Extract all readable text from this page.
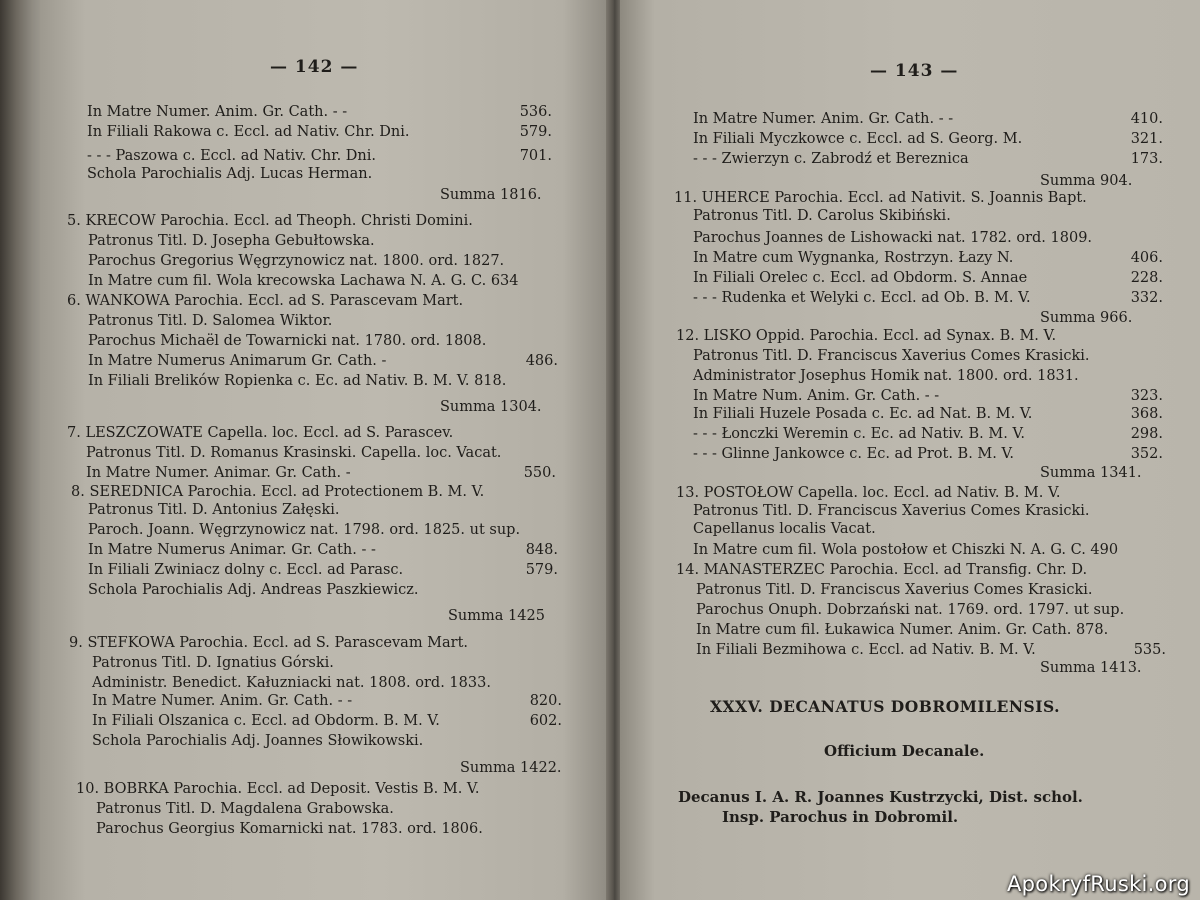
— 142 —
In Matre Numer. Anim. Gr. Cath. - -	536.
In Filiali Rakowa c. Eccl. ad Nativ. Chr. Dni.	579.
- - - Paszowa c. Eccl. ad Nativ. Chr. Dni.	701.
Schola Parochialis Adj. Lucas Herman.
Summa 1816.
5. KRECOW Parochia. Eccl. ad Theoph. Christi Domini.
Patronus Titl. D. Josepha Gebułtowska.
Parochus Gregorius Węgrzynowicz nat. 1800. ord. 1827.
In Matre cum fil. Wola krecowska Lachawa N. A. G. C. 634
6. WANKOWA Parochia. Eccl. ad S. Parascevam Mart.
Patronus Titl. D. Salomea Wiktor.
Parochus Michaël de Towarnicki nat. 1780. ord. 1808.
In Matre Numerus Animarum Gr. Cath. -	486.
In Filiali Brelików Ropienka c. Ec. ad Nativ. B. M. V. 818.
Summa 1304.
7. LESZCZOWATE Capella. loc. Eccl. ad S. Parascev.
Patronus Titl. D. Romanus Krasinski. Capella. loc. Vacat.
In Matre Numer. Animar. Gr. Cath. -	550.
8. SEREDNICA Parochia. Eccl. ad Protectionem B. M. V.
Patronus Titl. D. Antonius Załęski.
Paroch. Joann. Węgrzynowicz nat. 1798. ord. 1825. ut sup.
In Matre Numerus Animar. Gr. Cath. - -	848.
In Filiali Zwiniacz dolny c. Eccl. ad Parasc.	579.
Schola Parochialis Adj. Andreas Paszkiewicz.
Summa 1425
9. STEFKOWA Parochia. Eccl. ad S. Parascevam Mart.
Patronus Titl. D. Ignatius Górski.
Administr. Benedict. Kałuzniacki nat. 1808. ord. 1833.
In Matre Numer. Anim. Gr. Cath. - -	820.
In Filiali Olszanica c. Eccl. ad Obdorm. B. M. V.	602.
Schola Parochialis Adj. Joannes Słowikowski.
Summa 1422.
10. BOBRKA Parochia. Eccl. ad Deposit. Vestis B. M. V.
Patronus Titl. D. Magdalena Grabowska.
Parochus Georgius Komarnicki nat. 1783. ord. 1806.
— 143 —
In Matre Numer. Anim. Gr. Cath. - -	410.
In Filiali Myczkowce c. Eccl. ad S. Georg. M.	321.
- - - Zwierzyn c. Zabrodź et Bereznica	173.
Summa 904.
11. UHERCE Parochia. Eccl. ad Nativit. S. Joannis Bapt.
Patronus Titl. D. Carolus Skibiński.
Parochus Joannes de Lishowacki nat. 1782. ord. 1809.
In Matre cum Wygnanka, Rostrzyn. Łazy N.	406.
In Filiali Orelec c. Eccl. ad Obdorm. S. Annae	228.
- - - Rudenka et Welyki c. Eccl. ad Ob. B. M. V.	332.
Summa 966.
12. LISKO Oppid. Parochia. Eccl. ad Synax. B. M. V.
Patronus Titl. D. Franciscus Xaverius Comes Krasicki.
Administrator Josephus Homik nat. 1800. ord. 1831.
In Matre Num. Anim. Gr. Cath. - -	323.
In Filiali Huzele Posada c. Ec. ad Nat. B. M. V.	368.
- - - Łonczki Weremin c. Ec. ad Nativ. B. M. V.	298.
- - - Glinne Jankowce c. Ec. ad Prot. B. M. V.	352.
Summa 1341.
13. POSTOŁOW Capella. loc. Eccl. ad Nativ. B. M. V.
Patronus Titl. D. Franciscus Xaverius Comes Krasicki.
Capellanus localis Vacat.
In Matre cum fil. Wola postołow et Chiszki N. A. G. C. 490
14. MANASTERZEC Parochia. Eccl. ad Transfig. Chr. D.
Patronus Titl. D. Franciscus Xaverius Comes Krasicki.
Parochus Onuph. Dobrzański nat. 1769. ord. 1797. ut sup.
In Matre cum fil. Łukawica Numer. Anim. Gr. Cath. 878.
In Filiali Bezmihowa c. Eccl. ad Nativ. B. M. V.	535.
Summa 1413.
XXXV. DECANATUS DOBROMILENSIS.
Officium Decanale.
Decanus I. A. R. Joannes Kustrzycki, Dist. schol.
Insp. Parochus in Dobromil.
ApokryfRuski.org
